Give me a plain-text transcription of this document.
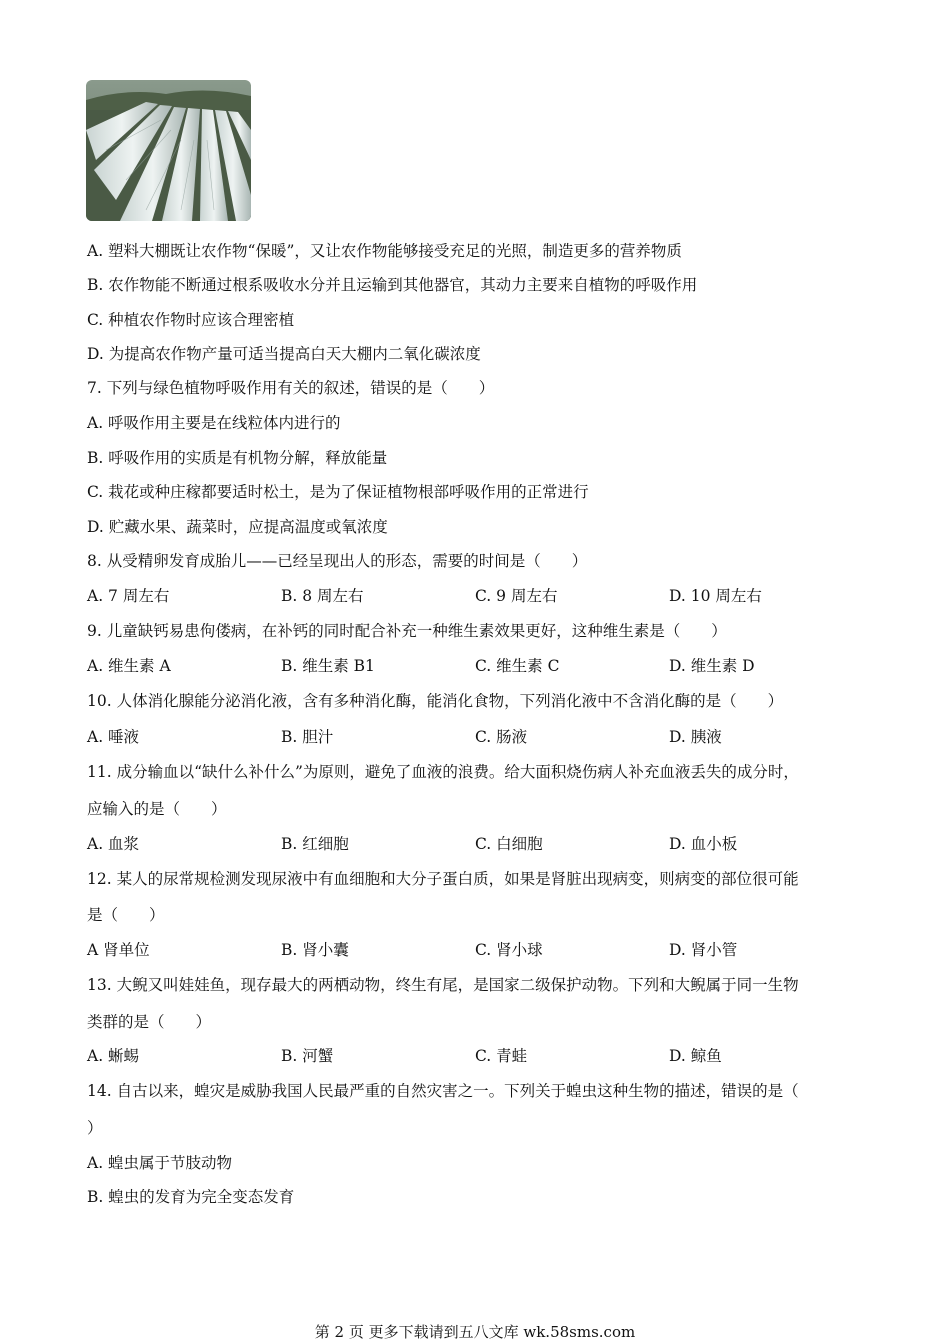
A. 塑料大棚既让农作物“保暖”，又让农作物能够接受充足的光照，制造更多的营养物质
B. 农作物能不断通过根系吸收水分并且运输到其他器官，其动力主要来自植物的呼吸作用
C. 种植农作物时应该合理密植
D. 为提高农作物产量可适当提高白天大棚内二氧化碳浓度
7. 下列与绿色植物呼吸作用有关的叙述，错误的是（　　）
A. 呼吸作用主要是在线粒体内进行的
B. 呼吸作用的实质是有机物分解，释放能量
C. 栽花或种庄稼都要适时松土，是为了保证植物根部呼吸作用的正常进行
D. 贮藏水果、蔬菜时，应提高温度或氧浓度
8. 从受精卵发育成胎儿——已经呈现出人的形态，需要的时间是（　　）
A. 7 周左右	B. 8 周左右	C. 9 周左右	D. 10 周左右
9. 儿童缺钙易患佝偻病，在补钙的同时配合补充一种维生素效果更好，这种维生素是（　　）
A. 维生素 A	B. 维生素 B1	C. 维生素 C	D. 维生素 D
10. 人体消化腺能分泌消化液，含有多种消化酶，能消化食物，下列消化液中不含消化酶的是（　　）
A. 唾液	B. 胆汁	C. 肠液	D. 胰液
11. 成分输血以“缺什么补什么”为原则，避免了血液的浪费。给大面积烧伤病人补充血液丢失的成分时，
应输入的是（　　）
A. 血浆	B. 红细胞	C. 白细胞	D. 血小板
12. 某人的尿常规检测发现尿液中有血细胞和大分子蛋白质，如果是肾脏出现病变，则病变的部位很可能
是（　　）
A 肾单位	B. 肾小囊	C. 肾小球	D. 肾小管
13. 大鲵又叫娃娃鱼，现存最大的两栖动物，终生有尾，是国家二级保护动物。下列和大鲵属于同一生物
类群的是（　　）
A. 蜥蜴	B. 河蟹	C. 青蛙	D. 鲸鱼
14. 自古以来，蝗灾是威胁我国人民最严重的自然灾害之一。下列关于蝗虫这种生物的描述，错误的是（
）
A. 蝗虫属于节肢动物
B. 蝗虫的发育为完全变态发育
第 2 页 更多下载请到五八文库 wk.58sms.com
